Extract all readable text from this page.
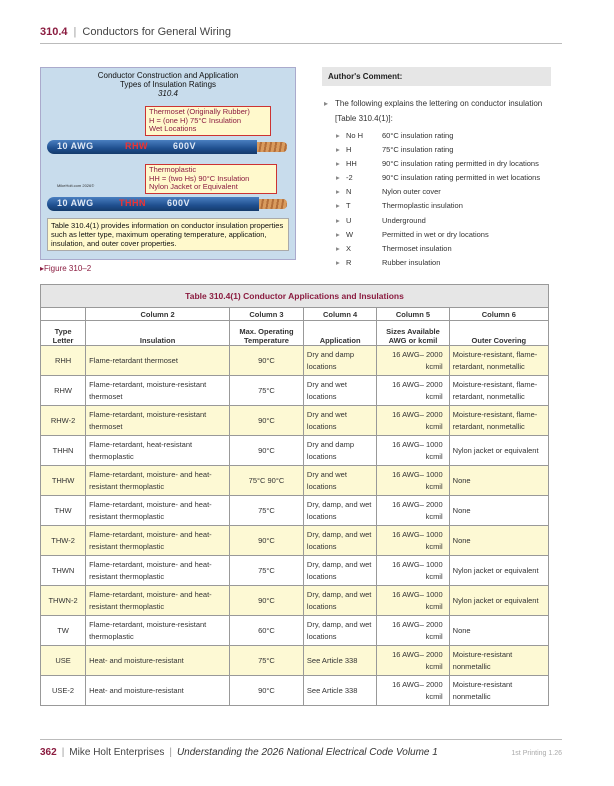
310.4 | Conductors for General Wiring
Conductor Construction and Application
Types of Insulation Ratings
310.4
Thermoset (Originally Rubber)
H = (one H) 75°C Insulation
Wet Locations
10 AWG	RHW	600V
Thermoplastic
HH = (two Hs) 90°C Insulation
Nylon Jacket or Equivalent
MikeHolt.com 2026©
10 AWG	THHN 600V
Table 310.4(1) provides information on conductor insulation properties such as letter type, maximum operating temperature, application, insulation, and outer cover properties.
▸Figure 310–2
Author's Comment:
▸ The following explains the lettering on conductor insulation [Table 310.4(1)]:
▸ No H	60°C insulation rating
▸ H	75°C insulation rating
▸ HH	90°C insulation rating permitted in dry locations
▸ -2	90°C insulation rating permitted in wet locations
▸ N	Nylon outer cover
▸ T	Thermoplastic insulation
▸ U	Underground
▸ W	Permitted in wet or dry locations
▸ X	Thermoset insulation
▸ R	Rubber insulation
Table 310.4(1) Conductor Applications and Insulations					
	Column 2	Column 3	Column 4	Column 5	Column 6
Type Letter	Insulation	Max. Operating Temperature	Application	Sizes Available AWG or kcmil	Outer Covering
RHH	Flame-retardant thermoset	90°C	Dry and damp locations	16 AWG– 2000 kcmil	Moisture-resistant, flame-retardant, nonmetallic
RHW	Flame-retardant, moisture-resistant thermoset	75°C	Dry and wet locations	16 AWG– 2000 kcmil	Moisture-resistant, flame-retardant, nonmetallic
RHW-2	Flame-retardant, moisture-resistant thermoset	90°C	Dry and wet locations	16 AWG– 2000 kcmil	Moisture-resistant, flame-retardant, nonmetallic
THHN	Flame-retardant, heat-resistant thermoplastic	90°C	Dry and damp locations	16 AWG– 1000 kcmil	Nylon jacket or equivalent
THHW	Flame-retardant, moisture- and heat-resistant thermoplastic	75°C 90°C	Dry and wet locations	16 AWG– 1000 kcmil	None
THW	Flame-retardant, moisture- and heat-resistant thermoplastic	75°C	Dry, damp, and wet locations	16 AWG– 2000 kcmil	None
THW-2	Flame-retardant, moisture- and heat-resistant thermoplastic	90°C	Dry, damp, and wet locations	16 AWG– 1000 kcmil	None
THWN	Flame-retardant, moisture- and heat-resistant thermoplastic	75°C	Dry, damp, and wet locations	16 AWG– 1000 kcmil	Nylon jacket or equivalent
THWN-2	Flame-retardant, moisture- and heat-resistant thermoplastic	90°C	Dry, damp, and wet locations	16 AWG– 1000 kcmil	Nylon jacket or equivalent
TW	Flame-retardant, moisture-resistant thermoplastic	60°C	Dry, damp, and wet locations	16 AWG– 2000 kcmil	None
USE	Heat- and moisture-resistant	75°C	See Article 338	16 AWG– 2000 kcmil	Moisture-resistant nonmetallic
USE-2	Heat- and moisture-resistant	90°C	See Article 338	16 AWG– 2000 kcmil	Moisture-resistant nonmetallic
362 | Mike Holt Enterprises | Understanding the 2026 National Electrical Code Volume 1	1st Printing 1.26
